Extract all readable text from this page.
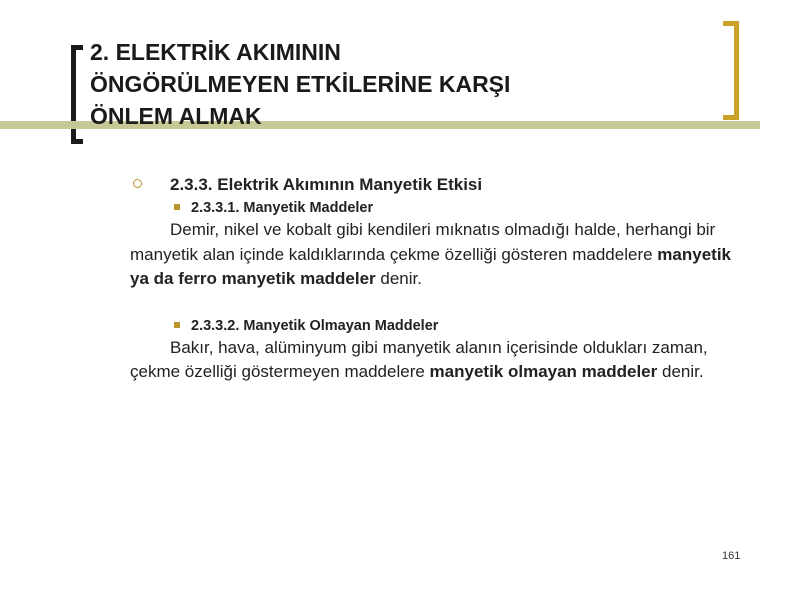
2. ELEKTRİK AKIMININ
ÖNGÖRÜLMEYEN ETKİLERİNE KARŞI
ÖNLEM ALMAK
2.3.3. Elektrik Akımının Manyetik Etkisi
2.3.3.1. Manyetik Maddeler

Demir, nikel ve kobalt gibi kendileri mıknatıs olmadığı halde, herhangi bir manyetik alan içinde kaldıklarında çekme özelliği gösteren maddelere manyetik ya da ferro manyetik maddeler denir.

2.3.3.2. Manyetik Olmayan Maddeler

Bakır, hava, alüminyum gibi manyetik alanın içerisinde oldukları zaman, çekme özelliği göstermeyen maddelere manyetik olmayan maddeler denir.

161
